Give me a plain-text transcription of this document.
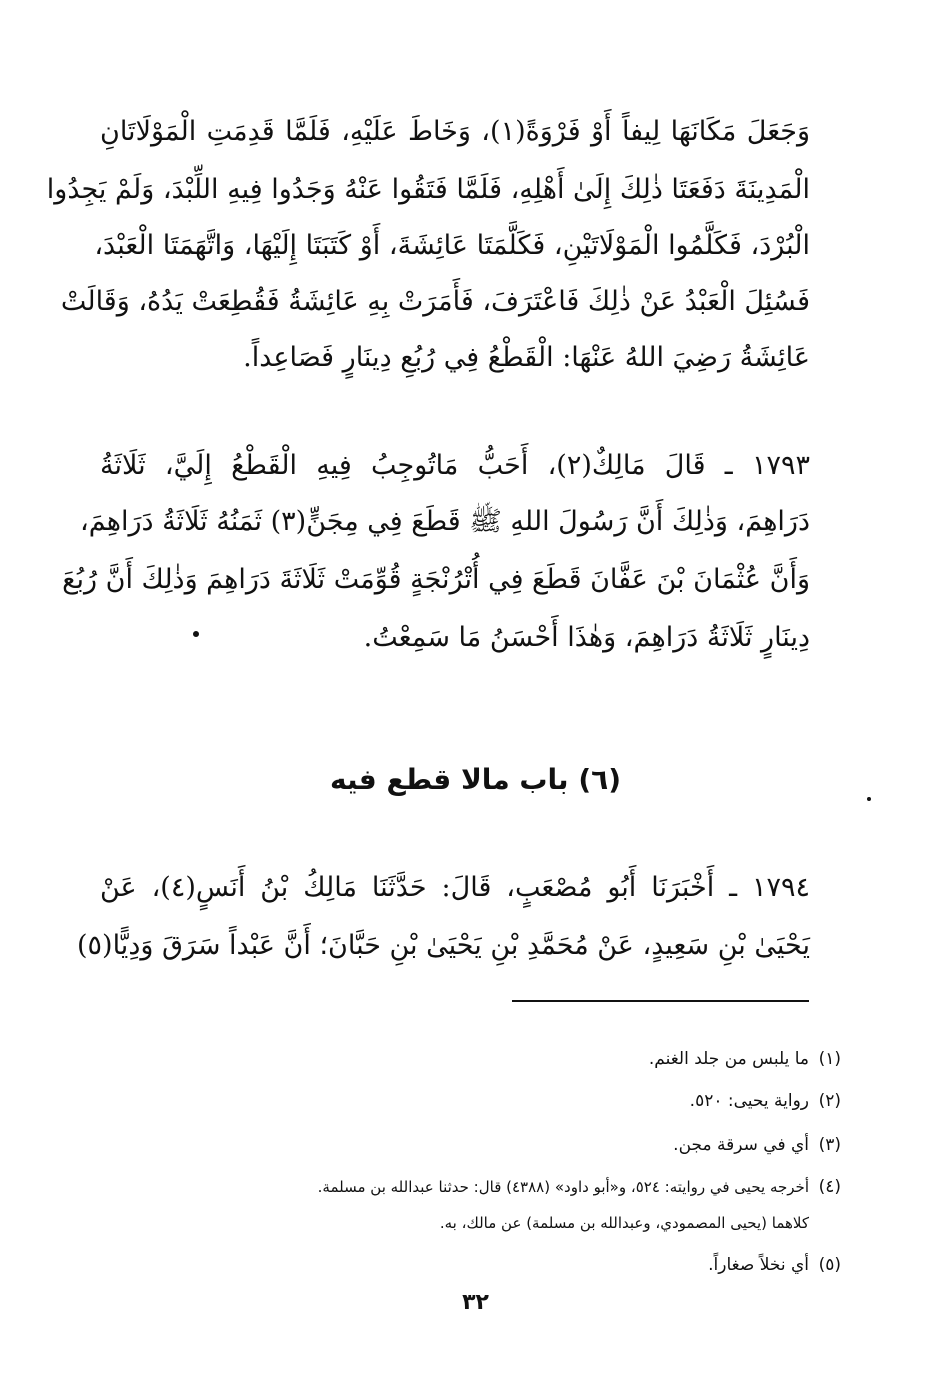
وَجَعَلَ مَكَانَهَا لِيفاً أَوْ فَرْوَةً(١)، وَخَاطَ عَلَيْهِ، فَلَمَّا قَدِمَتِ الْمَوْلَاتَانِ
الْمَدِينَةَ دَفَعَتَا ذٰلِكَ إِلَىٰ أَهْلِهِ، فَلَمَّا فَتَقُوا عَنْهُ وَجَدُوا فِيهِ اللِّبْدَ، وَلَمْ يَجِدُوا
الْبُرْدَ، فَكَلَّمُوا الْمَوْلَاتَيْنِ، فَكَلَّمَتَا عَائِشَةَ، أَوْ كَتَبَتَا إِلَيْهَا، وَاتَّهَمَتَا الْعَبْدَ،
فَسُئِلَ الْعَبْدُ عَنْ ذٰلِكَ فَاعْتَرَفَ، فَأَمَرَتْ بِهِ عَائِشَةُ فَقُطِعَتْ يَدُهُ، وَقَالَتْ
عَائِشَةُ رَضِيَ اللهُ عَنْهَا: الْقَطْعُ فِي رُبُعِ دِينَارٍ فَصَاعِداً.
١٧٩٣ ـ قَالَ مَالِكٌ(٢)، أَحَبُّ مَاتُوجِبُ فِيهِ الْقَطْعُ إِلَيَّ، ثَلَاثَةُ
دَرَاهِمَ، وَذٰلِكَ أَنَّ رَسُولَ اللهِ ﷺ قَطَعَ فِي مِجَنٍّ(٣) ثَمَنُهُ ثَلَاثَةُ دَرَاهِمَ،
وَأَنَّ عُثْمَانَ بْنَ عَفَّانَ قَطَعَ فِي أُتْرُنْجَةٍ قُوِّمَتْ ثَلَاثَةَ دَرَاهِمَ وَذٰلِكَ أَنَّ رُبُعَ
دِينَارٍ ثَلَاثَةُ دَرَاهِمَ، وَهٰذَا أَحْسَنُ مَا سَمِعْتُ.
(٦) باب مالا قطع فيه
١٧٩٤ ـ أَخْبَرَنَا أَبُو مُصْعَبٍ، قَالَ: حَدَّثَنَا مَالِكُ بْنُ أَنَسٍ(٤)، عَنْ
يَحْيَىٰ بْنِ سَعِيدٍ، عَنْ مُحَمَّدِ بْنِ يَحْيَىٰ بْنِ حَبَّانَ؛ أَنَّ عَبْداً سَرَقَ وَدِيًّا(٥)
(١)
ما يلبس من جلد الغنم.
(٢)
رواية يحيى: ٥٢٠.
(٣)
أي في سرقة مجن.
(٤)
أخرجه يحيى في روايته: ٥٢٤، و«أبو داود» (٤٣٨٨) قال: حدثنا عبدالله بن مسلمة.
كلاهما (يحيى المصمودي، وعبدالله بن مسلمة) عن مالك، به.
(٥)
أي نخلاً صغاراً.
٣٢
